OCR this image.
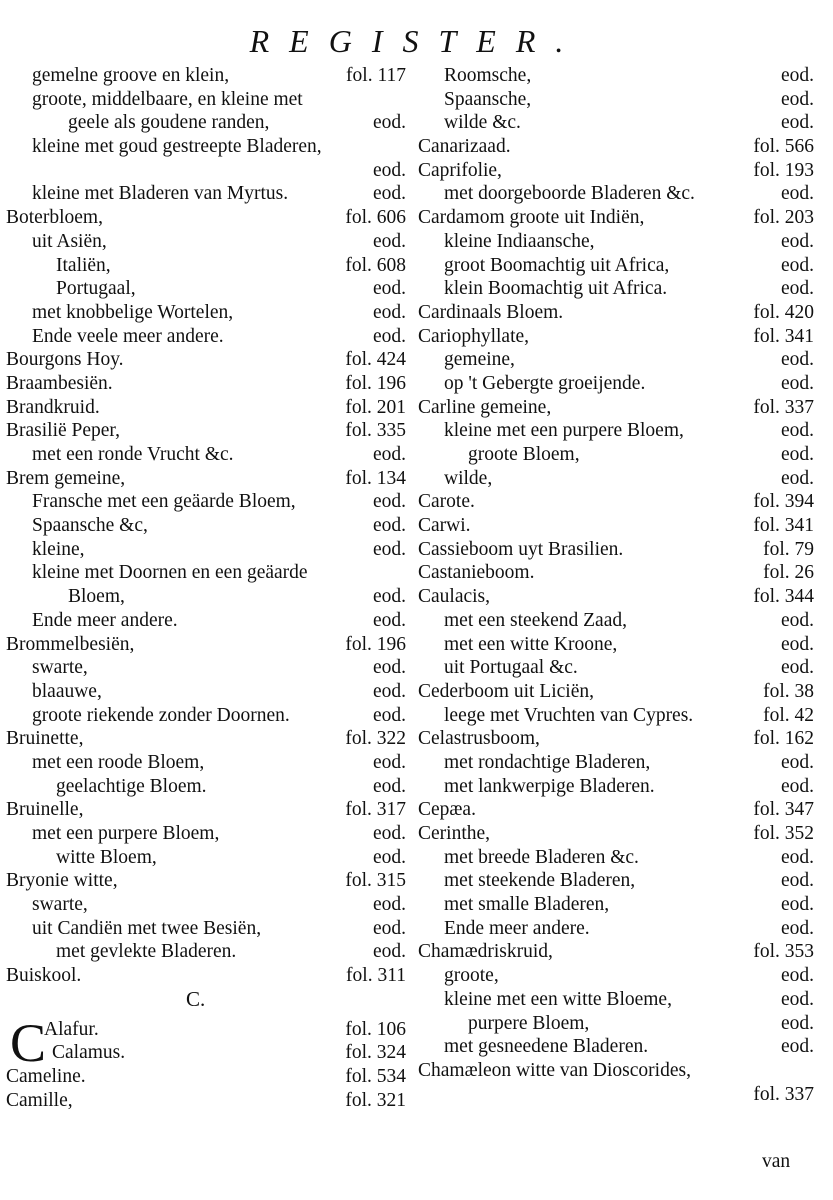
REGISTER.
gemelne groove en klein,	fol. 117
groote, middelbaare, en kleine met
geele als goudene randen,	eod.
kleine met goud gestreepte Bladeren,
eod.
kleine met Bladeren van Myrtus.	eod.
Boterbloem,	fol. 606
uit Asiën,	eod.
Italiën,	fol. 608
Portugaal,	eod.
met knobbelige Wortelen,	eod.
Ende veele meer andere.	eod.
Bourgons Hoy.	fol. 424
Braambesiën.	fol. 196
Brandkruid.	fol. 201
Brasilië Peper,	fol. 335
met een ronde Vrucht &c.	eod.
Brem gemeine,	fol. 134
Fransche met een geäarde Bloem,	eod.
Spaansche &c,	eod.
kleine,	eod.
kleine met Doornen en een geäarde
Bloem,	eod.
Ende meer andere.	eod.
Brommelbesiën,	fol. 196
swarte,	eod.
blaauwe,	eod.
groote riekende zonder Doornen.	eod.
Bruinette,	fol. 322
met een roode Bloem,	eod.
geelachtige Bloem.	eod.
Bruinelle,	fol. 317
met een purpere Bloem,	eod.
witte Bloem,	eod.
Bryonie witte,	fol. 315
swarte,	eod.
uit Candiën met twee Besiën,	eod.
met gevlekte Bladeren.	eod.
Buiskool.	fol. 311
C.
C
Alafur.	fol. 106
Calamus.	fol. 324
Cameline.	fol. 534
Camille,	fol. 321
Roomsche,	eod.
Spaansche,	eod.
wilde &c.	eod.
Canarizaad.	fol. 566
Caprifolie,	fol. 193
met doorgeboorde Bladeren &c.	eod.
Cardamom groote uit Indiën,	fol. 203
kleine Indiaansche,	eod.
groot Boomachtig uit Africa,	eod.
klein Boomachtig uit Africa.	eod.
Cardinaals Bloem.	fol. 420
Cariophyllate,	fol. 341
gemeine,	eod.
op 't Gebergte groeijende.	eod.
Carline gemeine,	fol. 337
kleine met een purpere Bloem,	eod.
groote Bloem,	eod.
wilde,	eod.
Carote.	fol. 394
Carwi.	fol. 341
Cassieboom uyt Brasilien.	fol. 79
Castanieboom.	fol. 26
Caulacis,	fol. 344
met een steekend Zaad,	eod.
met een witte Kroone,	eod.
uit Portugaal &c.	eod.
Cederboom uit Liciën,	fol. 38
leege met Vruchten van Cypres.	fol. 42
Celastrusboom,	fol. 162
met rondachtige Bladeren,	eod.
met lankwerpige Bladeren.	eod.
Cepæa.	fol. 347
Cerinthe,	fol. 352
met breede Bladeren &c.	eod.
met steekende Bladeren,	eod.
met smalle Bladeren,	eod.
Ende meer andere.	eod.
Chamædriskruid,	fol. 353
groote,	eod.
kleine met een witte Bloeme,	eod.
purpere Bloem,	eod.
met gesneedene Bladeren.	eod.
Chamæleon witte van Dioscorides,
fol. 337
van
